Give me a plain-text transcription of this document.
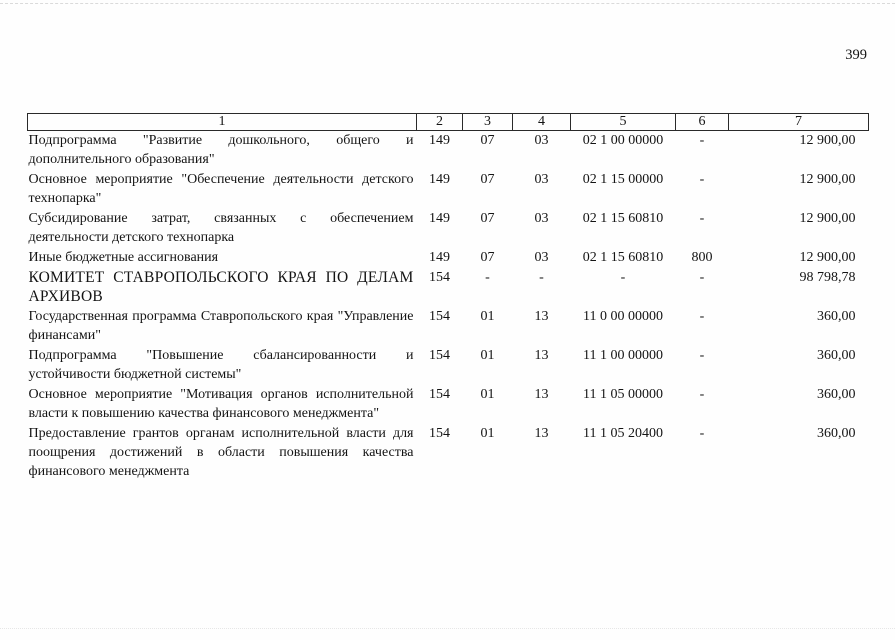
399
1	2	3	4	5	6	7
Подпрограмма "Развитие дошкольного, общего и дополнительного образования"	149	07	03	02 1 00 00000	-	12 900,00
Основное мероприятие "Обеспечение деятельности детского технопарка"	149	07	03	02 1 15 00000	-	12 900,00
Субсидирование затрат, связанных с обеспечением деятельности детского технопарка	149	07	03	02 1 15 60810	-	12 900,00
Иные бюджетные ассигнования	149	07	03	02 1 15 60810	800	12 900,00
КОМИТЕТ СТАВРОПОЛЬСКОГО КРАЯ ПО ДЕЛАМ АРХИВОВ	154	-	-	-	-	98 798,78
Государственная программа Ставропольского края "Управление финансами"	154	01	13	11 0 00 00000	-	360,00
Подпрограмма "Повышение сбалансированности и устойчивости бюджетной системы"	154	01	13	11 1 00 00000	-	360,00
Основное мероприятие "Мотивация органов исполнительной власти к повышению качества финансового менеджмента"	154	01	13	11 1 05 00000	-	360,00
Предоставление грантов органам исполнительной власти для поощрения достижений в области повышения качества финансового менеджмента	154	01	13	11 1 05 20400	-	360,00
